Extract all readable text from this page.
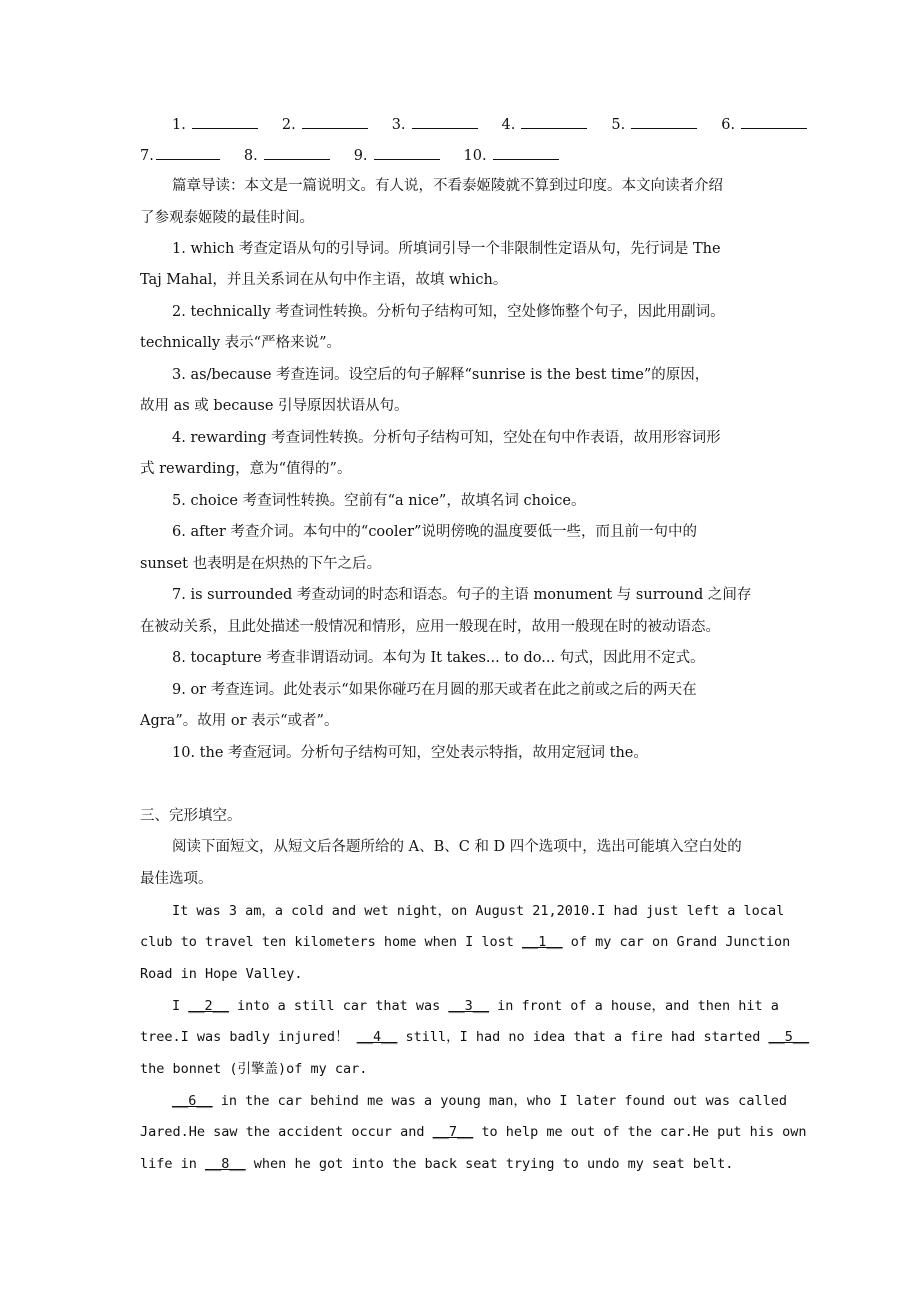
1.	2.	3.	4.	5.	6.
7.	8.	9.	10.
篇章导读：本文是一篇说明文。有人说，不看泰姬陵就不算到过印度。本文向读者介绍
了参观泰姬陵的最佳时间。
1. which 考查定语从句的引导词。所填词引导一个非限制性定语从句，先行词是 The
Taj Mahal，并且关系词在从句中作主语，故填 which。
2. technically 考查词性转换。分析句子结构可知，空处修饰整个句子，因此用副词。
technically 表示“严格来说”。
3. as/because 考查连词。设空后的句子解释“sunrise is the best time”的原因，
故用 as 或 because 引导原因状语从句。
4. rewarding 考查词性转换。分析句子结构可知，空处在句中作表语，故用形容词形
式 rewarding，意为“值得的”。
5. choice 考查词性转换。空前有“a nice”，故填名词 choice。
6. after 考查介词。本句中的“cooler”说明傍晚的温度要低一些，而且前一句中的
sunset 也表明是在炽热的下午之后。
7. is surrounded 考查动词的时态和语态。句子的主语 monument 与 surround 之间存
在被动关系，且此处描述一般情况和情形，应用一般现在时，故用一般现在时的被动语态。
8. tocapture 考查非谓语动词。本句为 It takes... to do... 句式，因此用不定式。
9. or 考查连词。此处表示“如果你碰巧在月圆的那天或者在此之前或之后的两天在
Agra”。故用 or 表示“或者”。
10. the 考查冠词。分析句子结构可知，空处表示特指，故用定冠词 the。
三、完形填空。
阅读下面短文，从短文后各题所给的 A、B、C 和 D 四个选项中，选出可能填入空白处的
最佳选项。
It was 3 am，a cold and wet night，on August 21,2010.I had just left a local
club to travel ten kilometers home when I lost __1__ of my car on Grand Junction
Road in Hope Valley.
I __2__ into a still car that was __3__ in front of a house，and then hit a
tree.I was badly injured！ __4__ still，I had no idea that a fire had started __5__
the bonnet (引擎盖)of my car.
__6__ in the car behind me was a young man，who I later found out was called
Jared.He saw the accident occur and __7__ to help me out of the car.He put his own
life in __8__ when he got into the back seat trying to undo my seat belt.
